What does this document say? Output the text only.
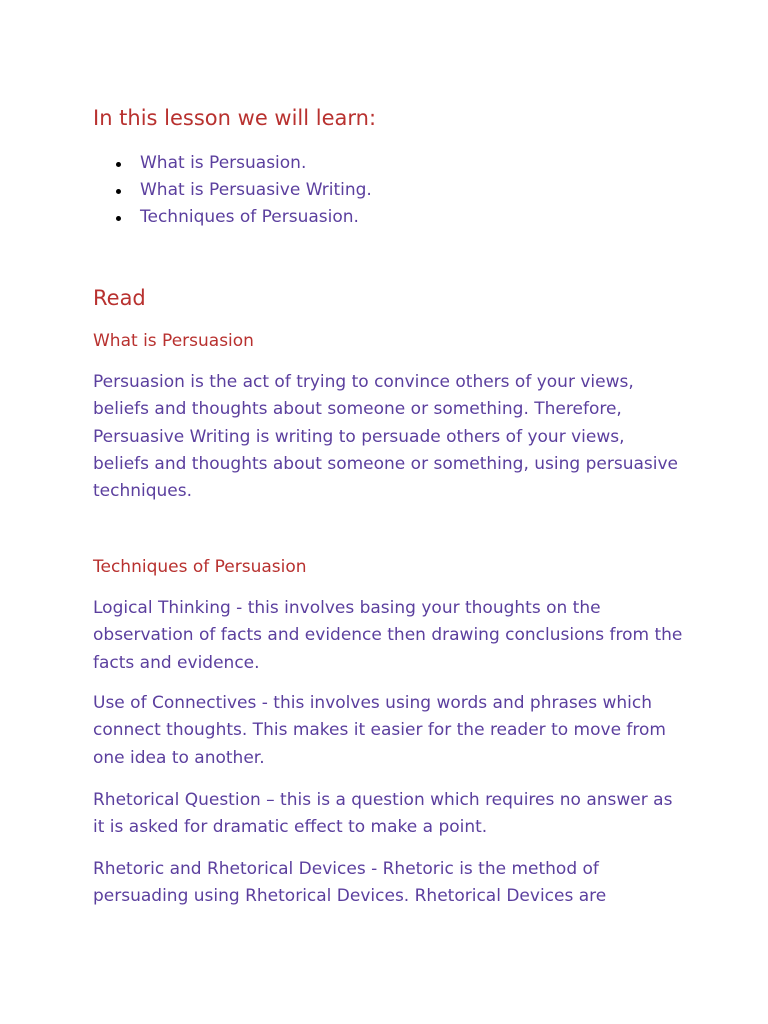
In this lesson we will learn:
What is Persuasion.
What is Persuasive Writing.
Techniques of Persuasion.
Read
What is Persuasion

Persuasion is the act of trying to convince others of your views, beliefs and thoughts about someone or something. Therefore, Persuasive Writing is writing to persuade others of your views, beliefs and thoughts about someone or something, using persuasive techniques.

Techniques of Persuasion

Logical Thinking - this involves basing your thoughts on the observation of facts and evidence then drawing conclusions from the facts and evidence.

Use of Connectives - this involves using words and phrases which connect thoughts. This makes it easier for the reader to move from one idea to another.

Rhetorical Question – this is a question which requires no answer as it is asked for dramatic effect to make a point.

Rhetoric and Rhetorical Devices - Rhetoric is the method of persuading using Rhetorical Devices. Rhetorical Devices are
